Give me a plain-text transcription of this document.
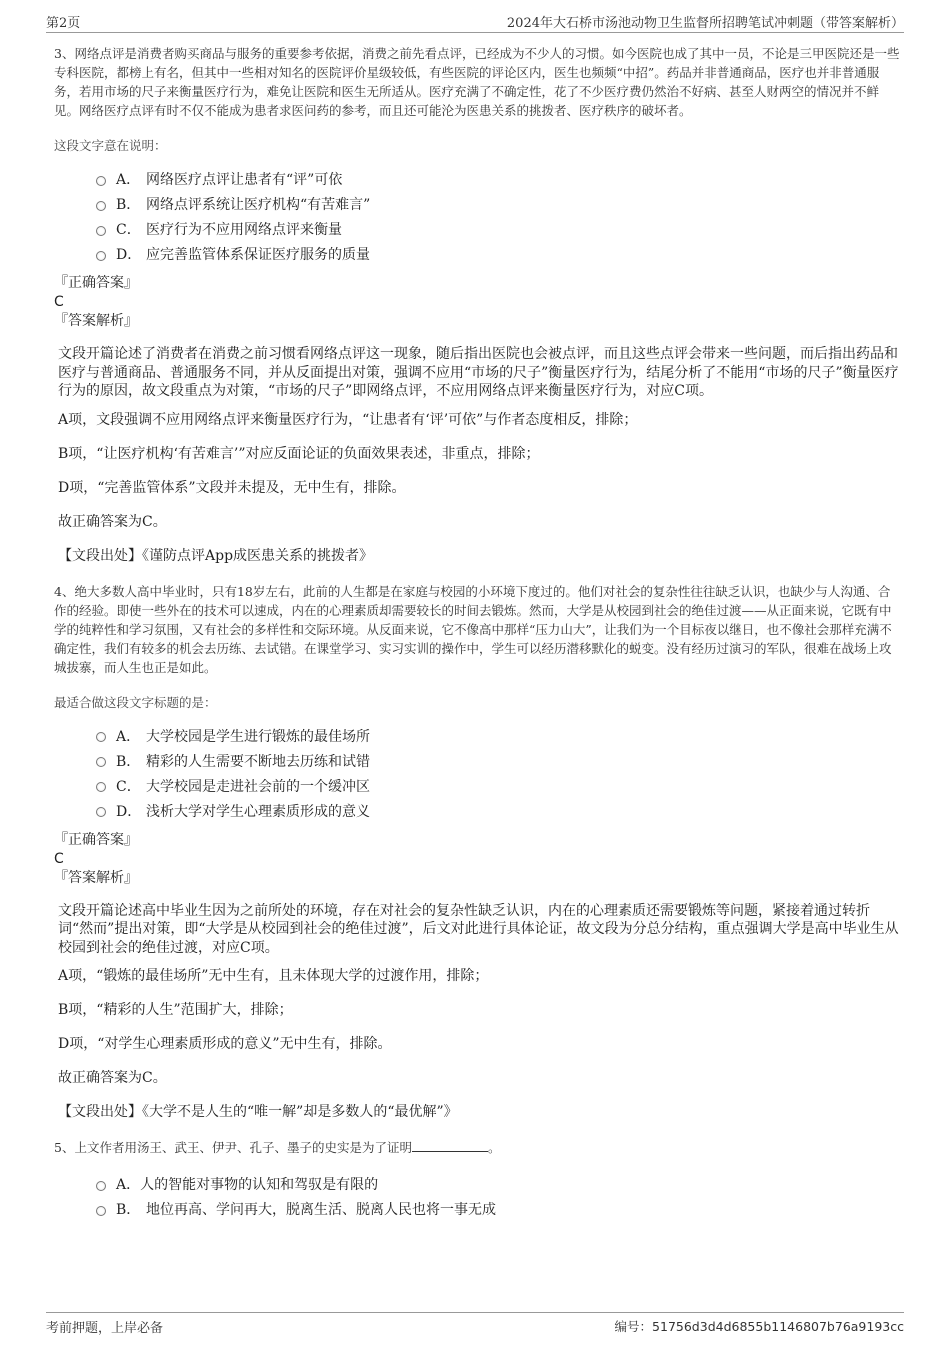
第2页	2024年大石桥市汤池动物卫生监督所招聘笔试冲刺题（带答案解析）

3、网络点评是消费者购买商品与服务的重要参考依据，消费之前先看点评，已经成为不少人的习惯。如今医院也成了其中一员，不论是三甲医院还是一些专科医院，都榜上有名，但其中一些相对知名的医院评价星级较低，有些医院的评论区内，医生也频频“中招”。药品并非普通商品，医疗也并非普通服务，若用市场的尺子来衡量医疗行为，难免让医院和医生无所适从。医疗充满了不确定性，花了不少医疗费仍然治不好病、甚至人财两空的情况并不鲜见。网络医疗点评有时不仅不能成为患者求医问药的参考，而且还可能沦为医患关系的挑拨者、医疗秩序的破坏者。

这段文字意在说明：

A． 网络医疗点评让患者有“评”可依
B． 网络点评系统让医疗机构“有苦难言”
C． 医疗行为不应用网络点评来衡量
D． 应完善监管体系保证医疗服务的质量

『正确答案』

C

『答案解析』

文段开篇论述了消费者在消费之前习惯看网络点评这一现象，随后指出医院也会被点评，而且这些点评会带来一些问题，而后指出药品和医疗与普通商品、普通服务不同，并从反面提出对策，强调不应用“市场的尺子”衡量医疗行为，结尾分析了不能用“市场的尺子”衡量医疗行为的原因，故文段重点为对策，“市场的尺子”即网络点评，不应用网络点评来衡量医疗行为，对应C项。

A项，文段强调不应用网络点评来衡量医疗行为，“让患者有‘评’可依”与作者态度相反，排除；

B项，“让医疗机构‘有苦难言’”对应反面论证的负面效果表述，非重点，排除；

D项，“完善监管体系”文段并未提及，无中生有，排除。

故正确答案为C。

【文段出处】《谨防点评App成医患关系的挑拨者》

4、绝大多数人高中毕业时，只有18岁左右，此前的人生都是在家庭与校园的小环境下度过的。他们对社会的复杂性往往缺乏认识，也缺少与人沟通、合作的经验。即使一些外在的技术可以速成，内在的心理素质却需要较长的时间去锻炼。然而，大学是从校园到社会的绝佳过渡——从正面来说，它既有中学的纯粹性和学习氛围，又有社会的多样性和交际环境。从反面来说，它不像高中那样“压力山大”，让我们为一个目标夜以继日，也不像社会那样充满不确定性，我们有较多的机会去历练、去试错。在课堂学习、实习实训的操作中，学生可以经历潜移默化的蜕变。没有经历过演习的军队，很难在战场上攻城拔寨，而人生也正是如此。

最适合做这段文字标题的是：

A． 大学校园是学生进行锻炼的最佳场所
B． 精彩的人生需要不断地去历练和试错
C． 大学校园是走进社会前的一个缓冲区
D． 浅析大学对学生心理素质形成的意义

『正确答案』

C

『答案解析』

文段开篇论述高中毕业生因为之前所处的环境，存在对社会的复杂性缺乏认识，内在的心理素质还需要锻炼等问题，紧接着通过转折词“然而”提出对策，即“大学是从校园到社会的绝佳过渡”，后文对此进行具体论证，故文段为分总分结构，重点强调大学是高中毕业生从校园到社会的绝佳过渡，对应C项。

A项，“锻炼的最佳场所”无中生有，且未体现大学的过渡作用，排除；

B项，“精彩的人生”范围扩大，排除；

D项，“对学生心理素质形成的意义”无中生有，排除。

故正确答案为C。

【文段出处】《大学不是人生的“唯一解”却是多数人的“最优解”》

5、上文作者用汤王、武王、伊尹、孔子、墨子的史实是为了证明	。

A． 人的智能对事物的认知和驾驭是有限的
B． 地位再高、学问再大，脱离生活、脱离人民也将一事无成
考前押题，上岸必备	编号：51756d3d4d6855b1146807b76a9193cc
